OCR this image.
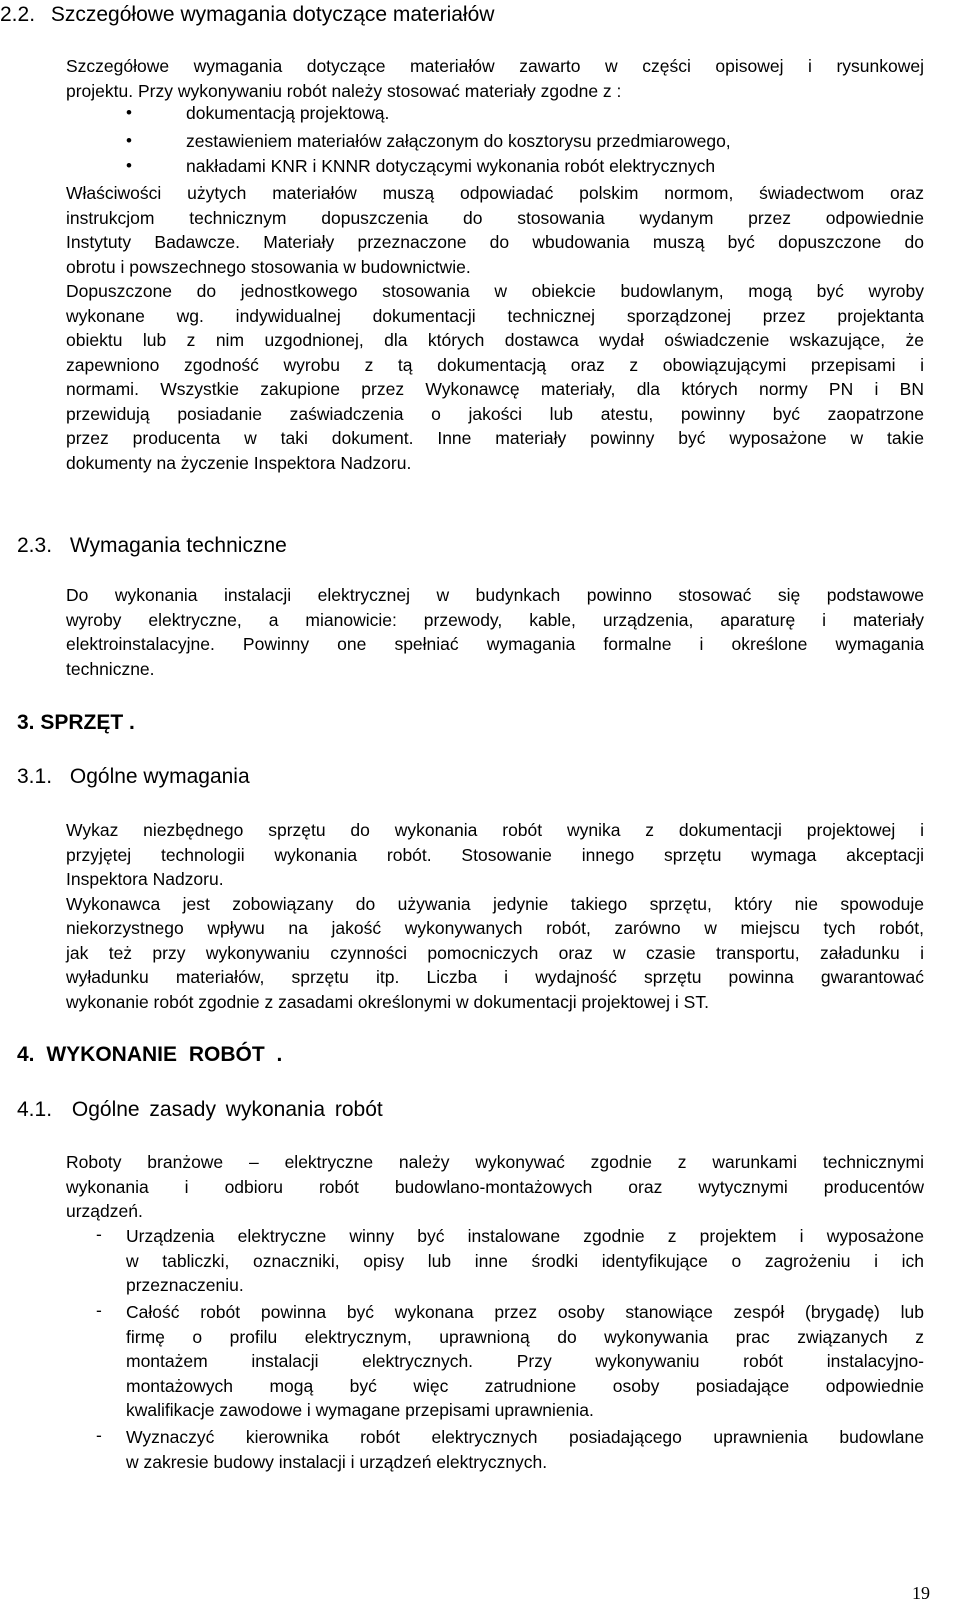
2.2. Szczegółowe wymagania dotyczące materiałów
Szczegółowe wymagania dotyczące materiałów zawarto w części opisowej i rysunkowej
projektu. Przy wykonywaniu robót należy stosować materiały zgodne z :
•	dokumentacją projektową.
•	zestawieniem materiałów załączonym do kosztorysu przedmiarowego,
•	nakładami KNR i KNNR dotyczącymi wykonania robót elektrycznych
Właściwości użytych materiałów muszą odpowiadać polskim normom, świadectwom oraz
instrukcjom technicznym dopuszczenia do stosowania wydanym przez odpowiednie
Instytuty Badawcze. Materiały przeznaczone do wbudowania muszą być dopuszczone do
obrotu i powszechnego stosowania w budownictwie.
Dopuszczone do jednostkowego stosowania w obiekcie budowlanym, mogą być wyroby
wykonane wg. indywidualnej dokumentacji technicznej sporządzonej przez projektanta
obiektu lub z nim uzgodnionej, dla których dostawca wydał oświadczenie wskazujące, że
zapewniono zgodność wyrobu z tą dokumentacją oraz z obowiązującymi przepisami i
normami. Wszystkie zakupione przez Wykonawcę materiały, dla których normy PN i BN
przewidują posiadanie zaświadczenia o jakości lub atestu, powinny być zaopatrzone
przez producenta w taki dokument. Inne materiały powinny być wyposażone w takie
dokumenty na życzenie Inspektora Nadzoru.
2.3. Wymagania techniczne
Do wykonania instalacji elektrycznej w budynkach powinno stosować się podstawowe
wyroby elektryczne, a mianowicie: przewody, kable, urządzenia, aparaturę i materiały
elektroinstalacyjne. Powinny one spełniać wymagania formalne i określone wymagania
techniczne.
3. SPRZĘT .
3.1. Ogólne wymagania
Wykaz niezbędnego sprzętu do wykonania robót wynika z dokumentacji projektowej i
przyjętej technologii wykonania robót. Stosowanie innego sprzętu wymaga akceptacji
Inspektora Nadzoru.
Wykonawca jest zobowiązany do używania jedynie takiego sprzętu, który nie spowoduje
niekorzystnego wpływu na jakość wykonywanych robót, zarówno w miejscu tych robót,
jak też przy wykonywaniu czynności pomocniczych oraz w czasie transportu, załadunku i
wyładunku materiałów, sprzętu itp. Liczba i wydajność sprzętu powinna gwarantować
wykonanie robót zgodnie z zasadami określonymi w dokumentacji projektowej i ST.
4. WYKONANIE ROBÓT .
4.1. Ogólne zasady wykonania robót
Roboty branżowe – elektryczne należy wykonywać zgodnie z warunkami technicznymi
wykonania i odbioru robót budowlano-montażowych oraz wytycznymi producentów
urządzeń.
- Urządzenia elektryczne winny być instalowane zgodnie z projektem i wyposażone
w tabliczki, oznaczniki, opisy lub inne środki identyfikujące o zagrożeniu i ich
przeznaczeniu.
- Całość robót powinna być wykonana przez osoby stanowiące zespół (brygadę) lub
firmę o profilu elektrycznym, uprawnioną do wykonywania prac związanych z
montażem instalacji elektrycznych. Przy wykonywaniu robót instalacyjno-
montażowych mogą być więc zatrudnione osoby posiadające odpowiednie
kwalifikacje zawodowe i wymagane przepisami uprawnienia.
- Wyznaczyć kierownika robót elektrycznych posiadającego uprawnienia budowlane
w zakresie budowy instalacji i urządzeń elektrycznych.
19
